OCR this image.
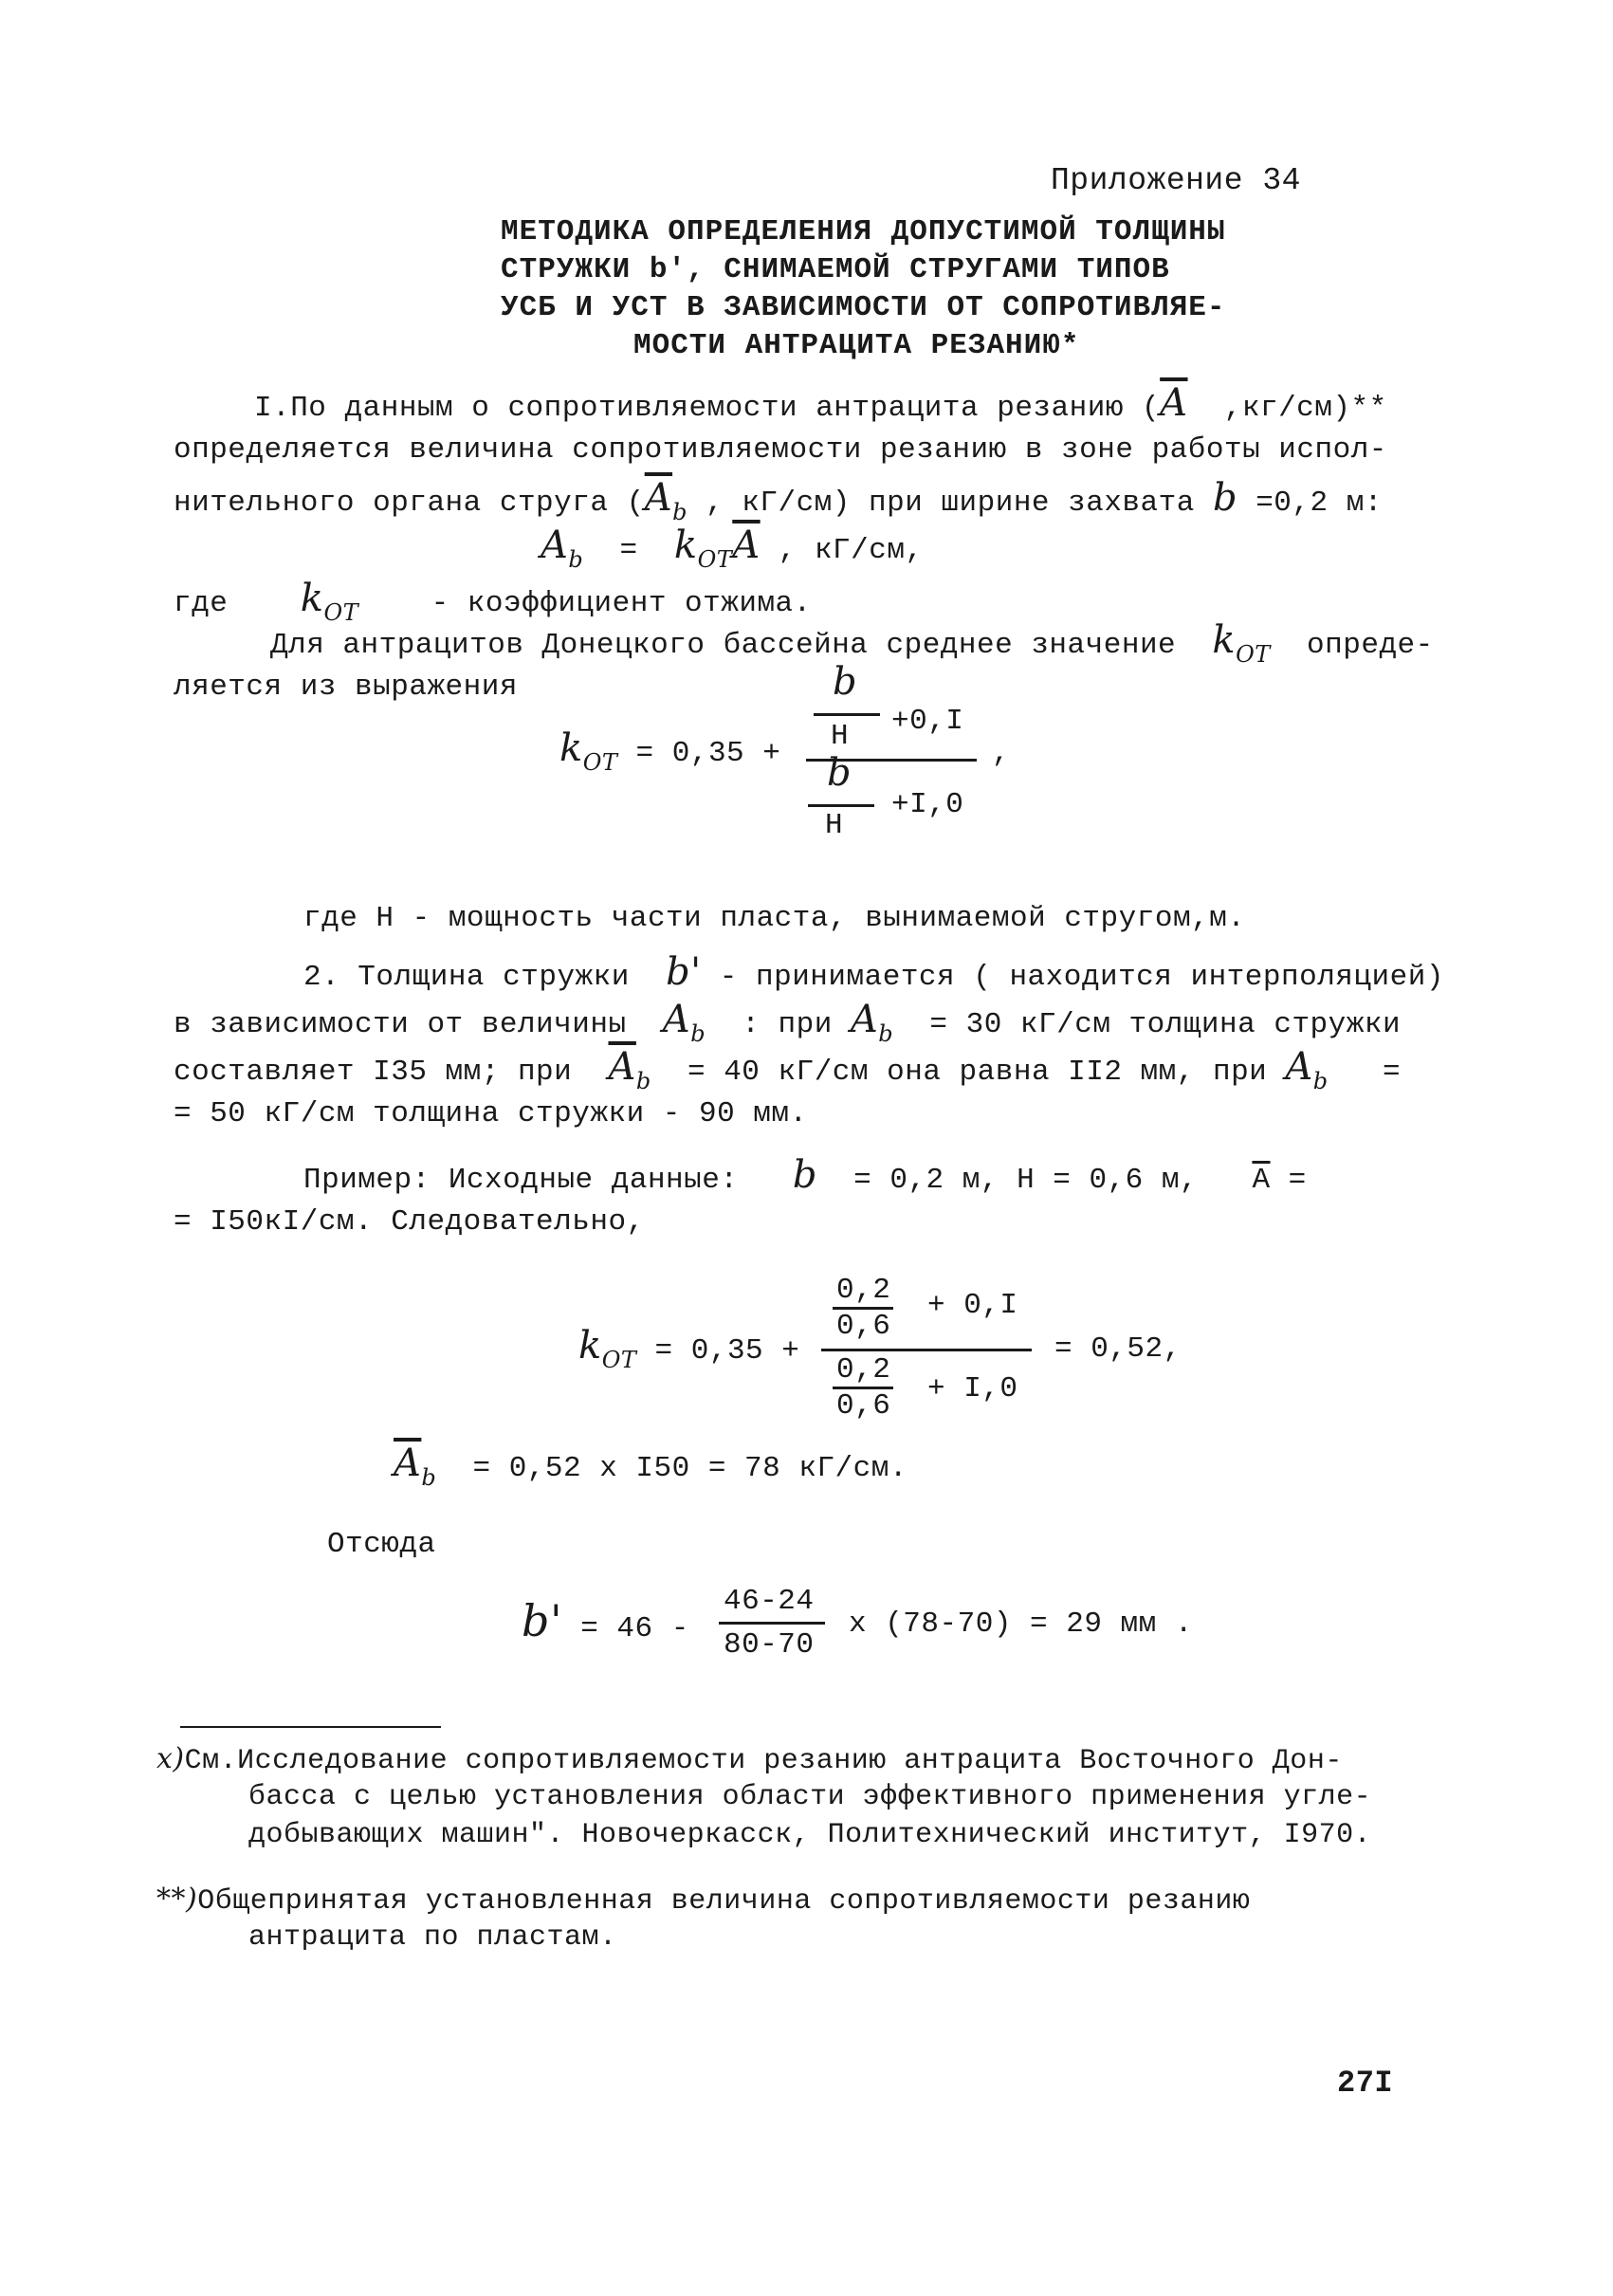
Приложение 34
МЕТОДИКА ОПРЕДЕЛЕНИЯ ДОПУСТИМОЙ ТОЛЩИНЫ
СТРУЖКИ b', СНИМАЕМОЙ СТРУГАМИ ТИПОВ
УСБ И УСТ В ЗАВИСИМОСТИ ОТ СОПРОТИВЛЯЕ-
МОСТИ АНТРАЦИТА РЕЗАНИЮ*
I.По данным о сопротивляемости антрацита резанию ($\overline{A}$ ,кг/см)**
определяется величина сопротивляемости резанию в зоне работы испол-
нительного органа струга ($\overline{A}_b$ , кГ/см) при ширине захвата b =0,2 м:
$A_b = k_{ОТ}\overline{A}$ , кГ/см,
где $k_{ОТ}$ - коэффициент отжима.
Для антрацитов Донецкого бассейна среднее значение $k_{ОТ}$ опреде-
ляется из выражения
$k_{ОТ} = 0,35$ +
b
Н +0,I
b
Н
+I,0
,
где Н - мощность части пласта, вынимаемой стругом,м.
2. Толщина стружки b' - принимается ( находится интерполяцией)
в зависимости от величины $A_b$ : при $A_b = 30$ кГ/см толщина стружки
составляет I35 мм; при $\overline{A}_b = 40$ кГ/см она равна II2 мм, при $A_b$ =
= 50 кГ/см толщина стружки - 90 мм.
Пример: Исходные данные: b = 0,2 м, Н = 0,6 м, $\overline{A}$ =
= I50кI/см. Следовательно,
$k_{ОТ} = 0,35$ +
0,2
0,6
+ 0,I
0,2
0,6
+ I,0
= 0,52,
$\overline{A}_b = 0,52$ x I50 = 78 кГ/см.
Отсюда
b' = 46 -
46-24
80-70
x (78-70) = 29 мм .
x)См.Исследование сопротивляемости резанию антрацита Восточного Дон-
басса с целью установления области эффективного применения угле-
добывающих машин". Новочеркасск, Политехнический институт, I970.
**)Общепринятая установленная величина сопротивляемости резанию
антрацита по пластам.
27I
